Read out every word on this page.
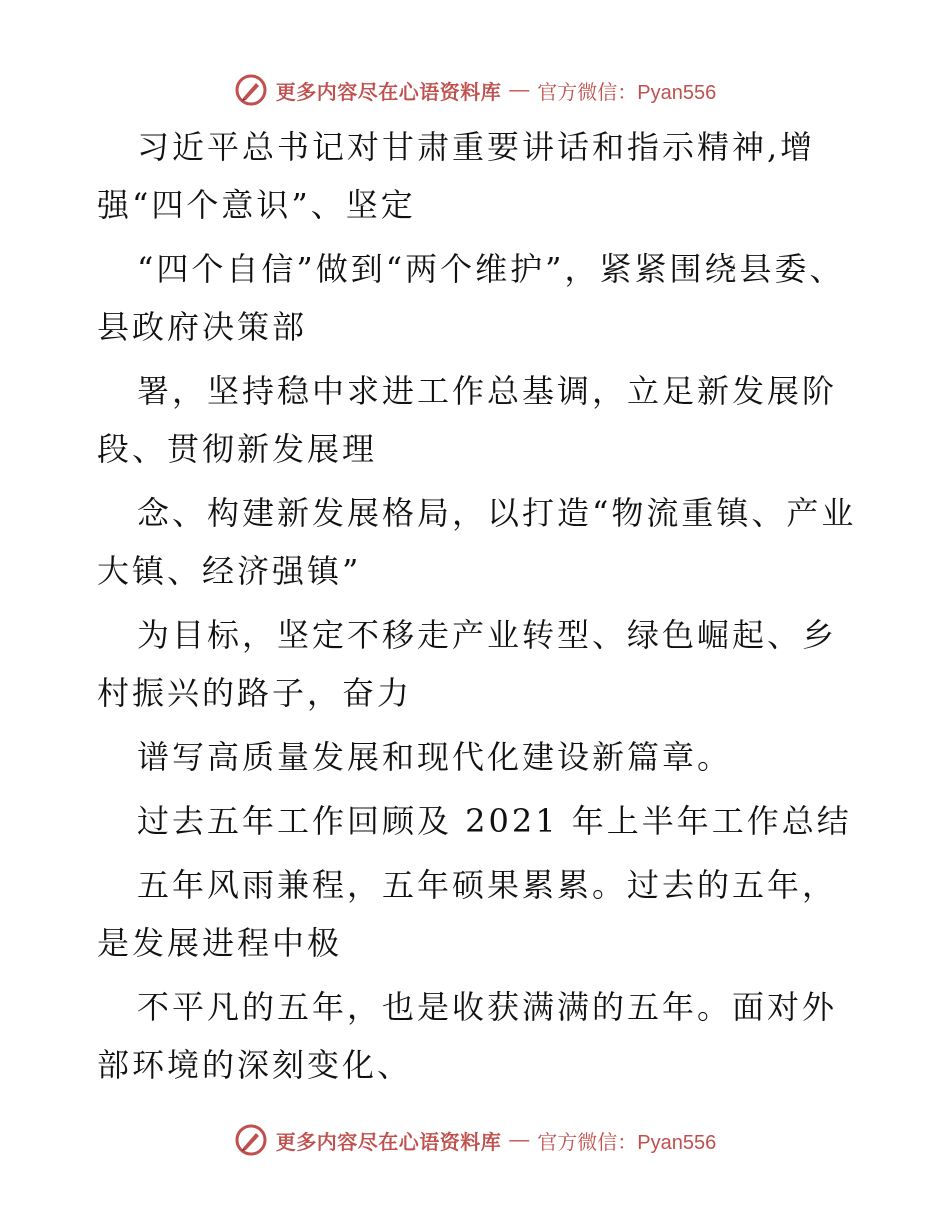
更多内容尽在心语资料库 — 官方微信：Pyan556

习近平总书记对甘肃重要讲话和指示精神,增强“四个意识”、坚定

“四个自信”做到“两个维护”，紧紧围绕县委、县政府决策部

署，坚持稳中求进工作总基调，立足新发展阶段、贯彻新发展理

念、构建新发展格局，以打造“物流重镇、产业大镇、经济强镇”

为目标，坚定不移走产业转型、绿色崛起、乡村振兴的路子，奋力

谱写高质量发展和现代化建设新篇章。

过去五年工作回顾及 2021 年上半年工作总结

五年风雨兼程，五年硕果累累。过去的五年，是发展进程中极

不平凡的五年，也是收获满满的五年。面对外部环境的深刻变化、

更多内容尽在心语资料库 — 官方微信：Pyan556
